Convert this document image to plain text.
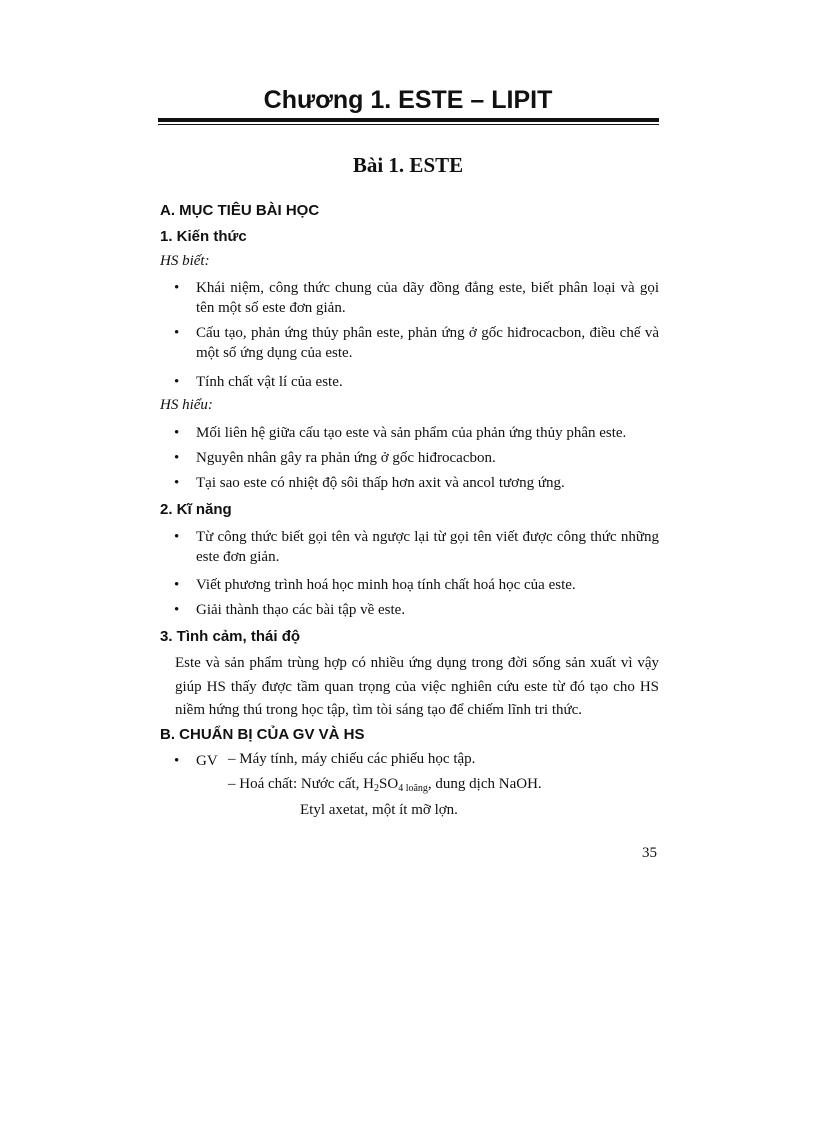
Chương 1. ESTE – LIPIT
Bài 1. ESTE
A. MỤC TIÊU BÀI HỌC
1. Kiến thức

HS biết:

• Khái niệm, công thức chung của dãy đồng đẳng este, biết phân loại và gọi tên một số este đơn giản.

• Cấu tạo, phản ứng thủy phân este, phản ứng ở gốc hiđrocacbon, điều chế và một số ứng dụng của este.

• Tính chất vật lí của este.

HS hiểu:

• Mối liên hệ giữa cấu tạo este và sản phẩm của phản ứng thủy phân este.

• Nguyên nhân gây ra phản ứng ở gốc hiđrocacbon.

• Tại sao este có nhiệt độ sôi thấp hơn axit và ancol tương ứng.

2. Kĩ năng

• Từ công thức biết gọi tên và ngược lại từ gọi tên viết được công thức những este đơn giản.

• Viết phương trình hoá học minh hoạ tính chất hoá học của este.

• Giải thành thạo các bài tập về este.

3. Tình cảm, thái độ

Este và sản phẩm trùng hợp có nhiều ứng dụng trong đời sống sản xuất vì vậy giúp HS thấy được tầm quan trọng của việc nghiên cứu este từ đó tạo cho HS niềm hứng thú trong học tập, tìm tòi sáng tạo để chiếm lĩnh tri thức.

B. CHUẨN BỊ CỦA GV VÀ HS

• GV – Máy tính, máy chiếu các phiếu học tập.

– Hoá chất: Nước cất, $H_2SO_{4 loãng}$, dung dịch NaOH.

Etyl axetat, một ít mỡ lợn.

35
